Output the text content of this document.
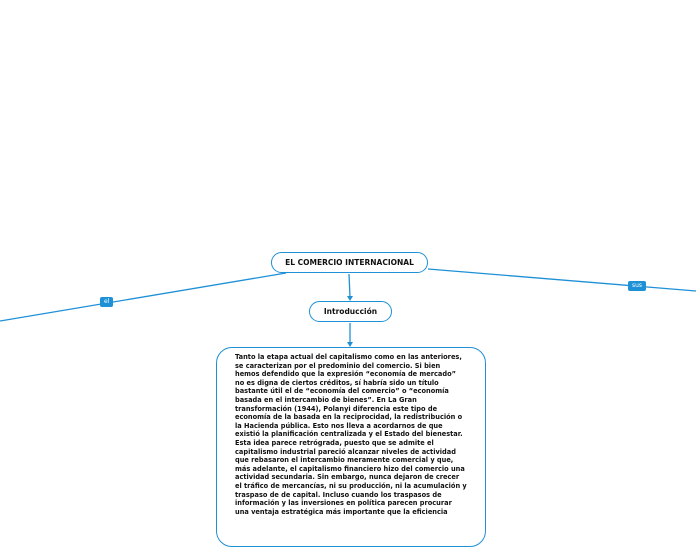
EL COMERCIO INTERNACIONAL
Introducción
Tanto la etapa actual del capitalismo como en las anteriores, se caracterizan por el predominio del comercio. Si bien hemos defendido que la expresión “economía de mercado” no es digna de ciertos créditos, sí habría sido un título bastante útil el de “economía del comercio” o “economía basada en el intercambio de bienes”. En La Gran transformación (1944), Polanyi diferencia este tipo de economía de la basada en la reciprocidad, la redistribución o la Hacienda pública. Esto nos lleva a acordarnos de que existió la planificación centralizada y el Estado del bienestar. Esta idea parece retrógrada, puesto que se admite el capitalismo industrial pareció alcanzar niveles de actividad que rebasaron el intercambio meramente comercial y que, más adelante, el capitalismo financiero hizo del comercio una actividad secundaria. Sin embargo, nunca dejaron de crecer el tráfico de mercancías, ni su producción, ni la acumulación y traspaso de de capital. Incluso cuando los traspasos de información y las inversiones en política parecen procurar una ventaja estratégica más importante que la eficiencia
el
sus
